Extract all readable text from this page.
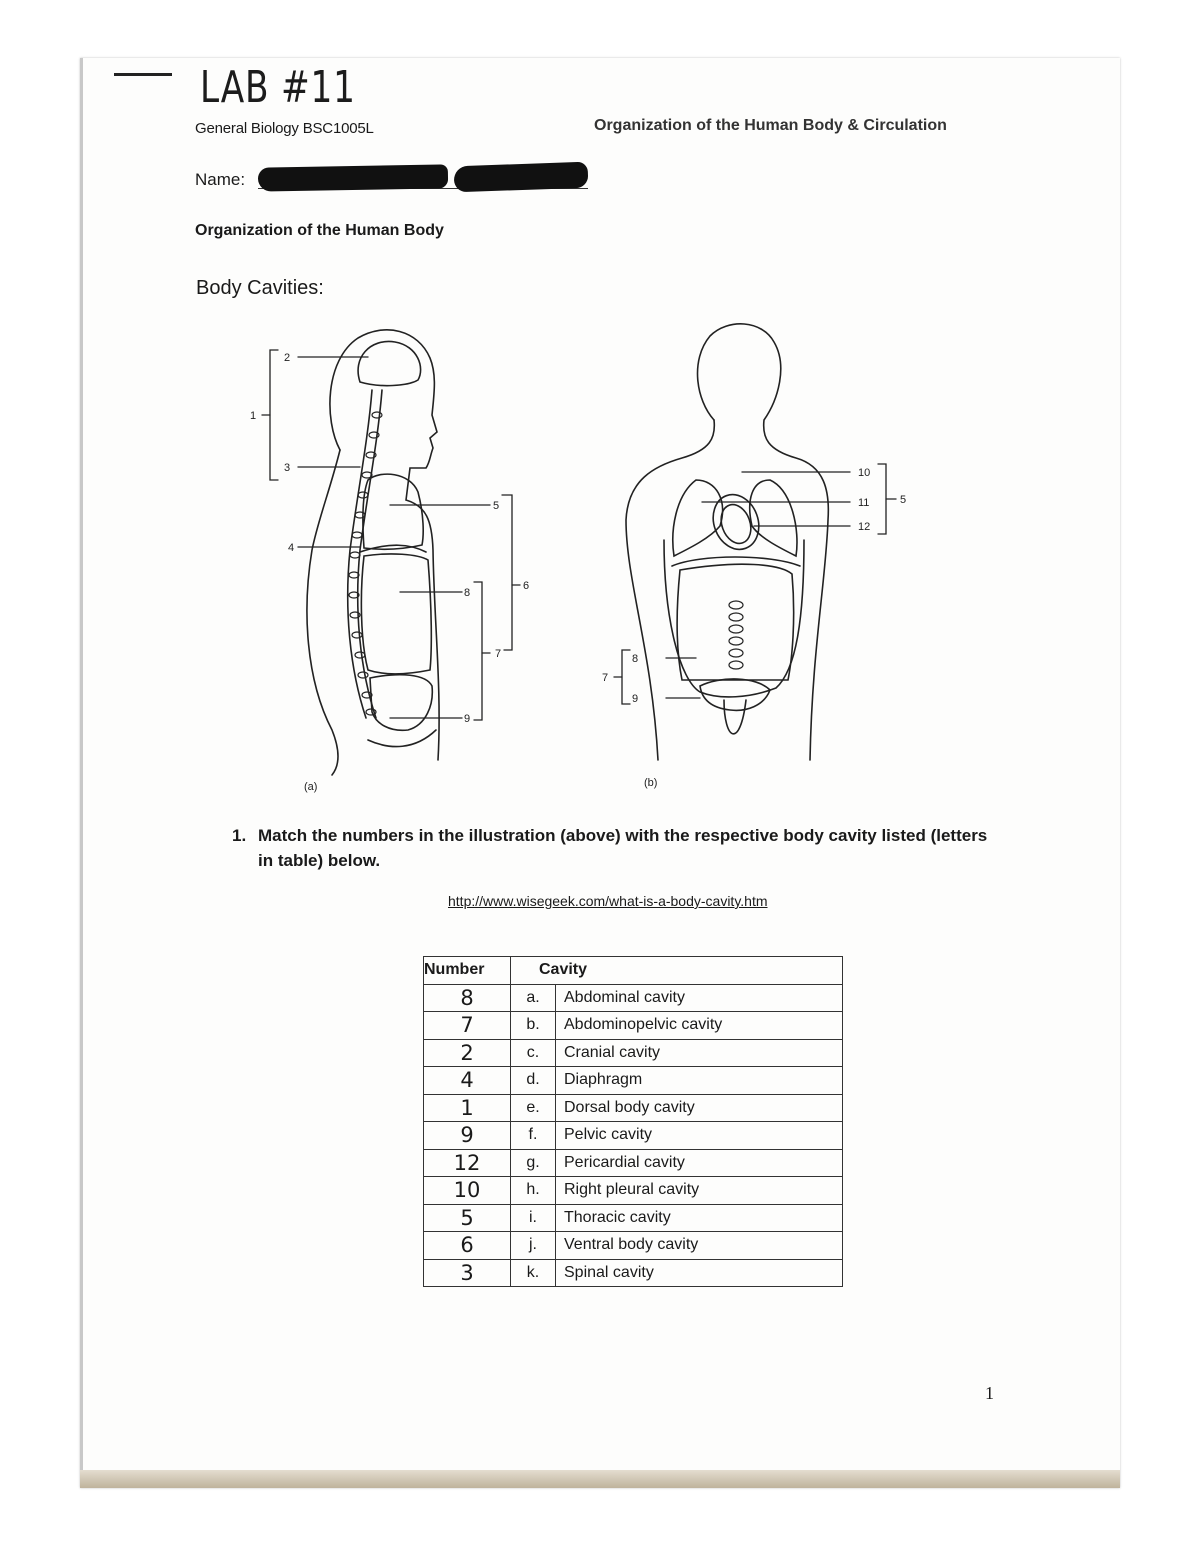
LAB #11
General Biology BSC1005L	Organization of the Human Body & Circulation
Name:
Organization of the Human Body
Body Cavities:
1
2
3
4
5
6
7
8
9
10
11
12
5
7
8
9
(a)	(b)
1. Match the numbers in the illustration (above) with the respective body cavity listed (letters in table) below.
http://www.wisegeek.com/what-is-a-body-cavity.htm
Number	Cavity	
8	a.	Abdominal cavity
7	b.	Abdominopelvic cavity
2	c.	Cranial cavity
4	d.	Diaphragm
1	e.	Dorsal body cavity
9	f.	Pelvic cavity
12	g.	Pericardial cavity
10	h.	Right pleural cavity
5	i.	Thoracic cavity
6	j.	Ventral body cavity
3	k.	Spinal cavity
1
